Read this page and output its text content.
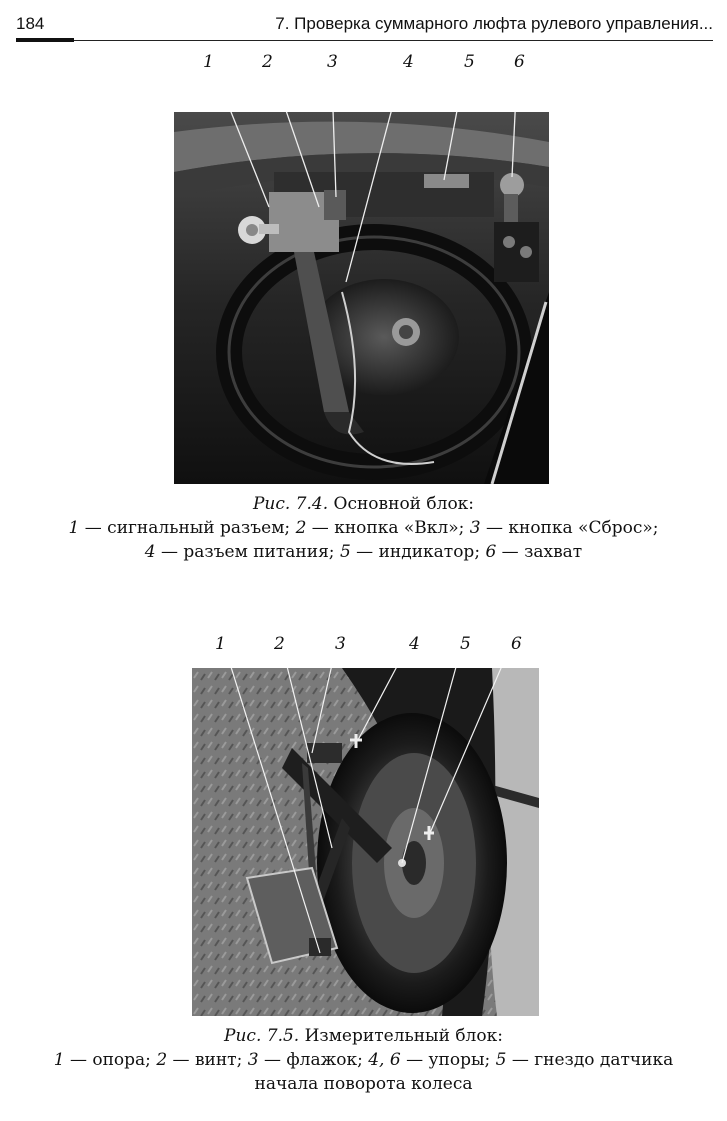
184	7. Проверка суммарного люфта рулевого управления...
1	2	3	4	5 6
Рис. 7.4. Основной блок:
1 — сигнальный разъем; 2 — кнопка «Вкл»; 3 — кнопка «Сброс»;
4 — разъем питания; 5 — индикатор; 6 — захват
1	2	3	4 5 6
Рис. 7.5. Измерительный блок:
1 — опора; 2 — винт; 3 — флажок; 4, 6 — упоры; 5 — гнездо датчика
начала поворота колеса
